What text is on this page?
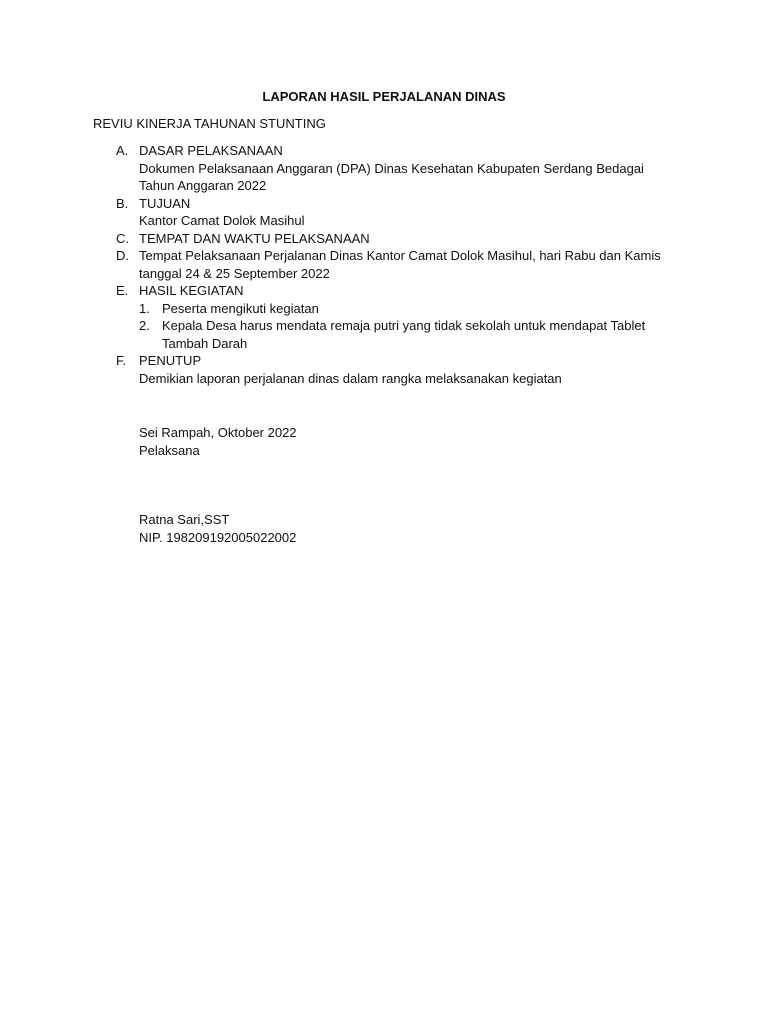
LAPORAN HASIL PERJALANAN DINAS
REVIU KINERJA TAHUNAN STUNTING
A. DASAR PELAKSANAAN
Dokumen Pelaksanaan Anggaran (DPA) Dinas Kesehatan Kabupaten Serdang Bedagai Tahun Anggaran 2022
B. TUJUAN
Kantor Camat Dolok Masihul
C. TEMPAT DAN WAKTU PELAKSANAAN
D. Tempat Pelaksanaan Perjalanan Dinas Kantor Camat Dolok Masihul, hari Rabu dan Kamis tanggal 24 & 25 September 2022
E. HASIL KEGIATAN
1. Peserta mengikuti kegiatan
2. Kepala Desa harus mendata remaja putri yang tidak sekolah untuk mendapat Tablet Tambah Darah
F. PENUTUP
Demikian laporan perjalanan dinas dalam rangka melaksanakan kegiatan
Sei Rampah, Oktober 2022
Pelaksana
Ratna Sari,SST
NIP. 198209192005022002
